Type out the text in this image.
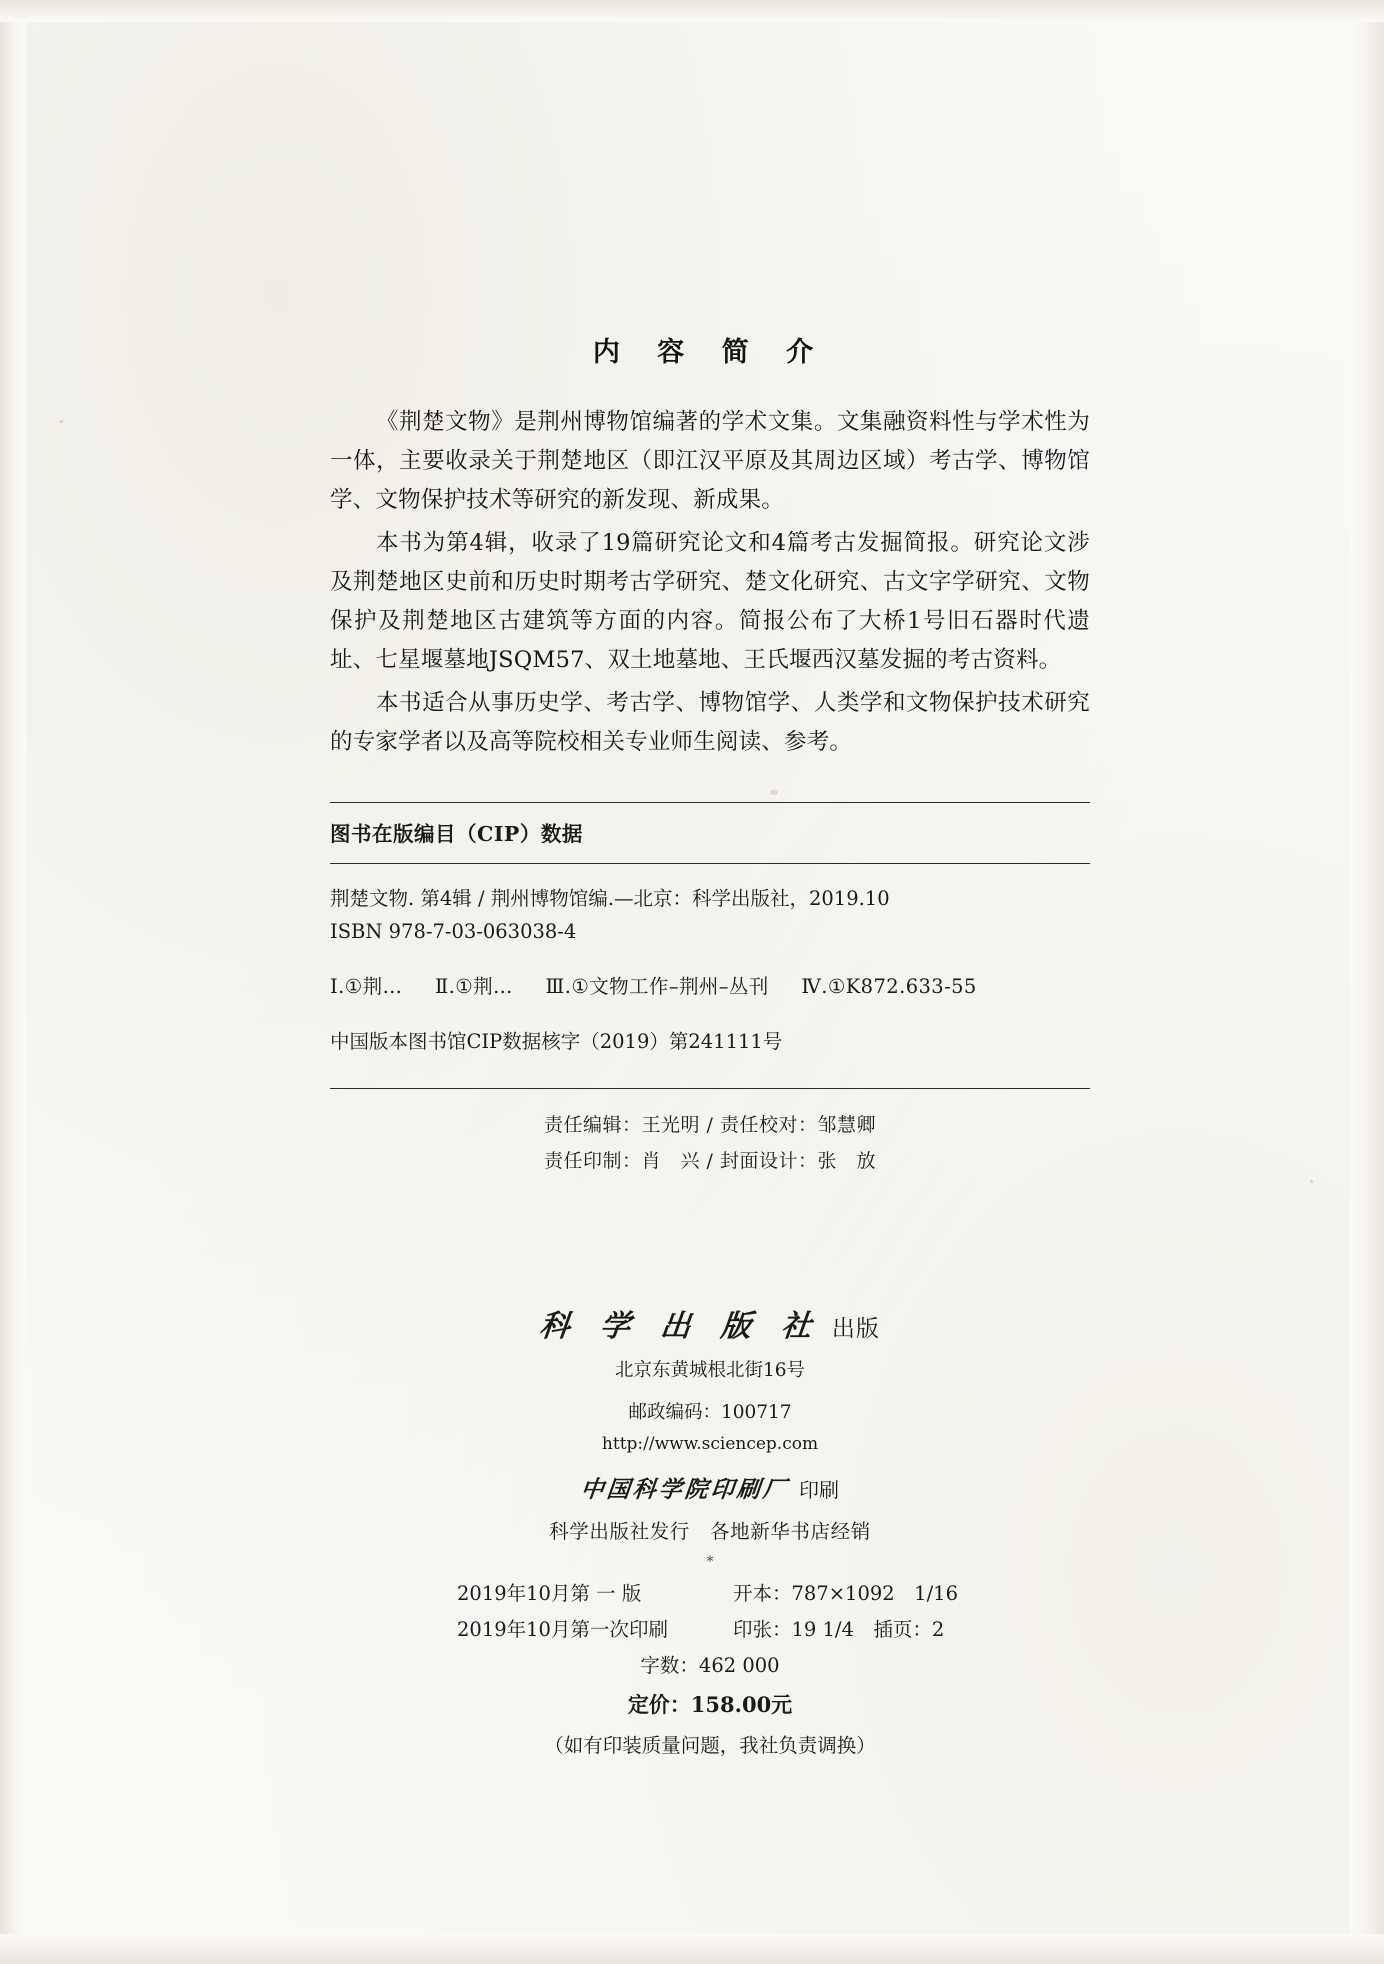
内 容 简 介

《荆楚文物》是荆州博物馆编著的学术文集。文集融资料性与学术性为一体，主要收录关于荆楚地区（即江汉平原及其周边区域）考古学、博物馆学、文物保护技术等研究的新发现、新成果。

本书为第4辑，收录了19篇研究论文和4篇考古发掘简报。研究论文涉及荆楚地区史前和历史时期考古学研究、楚文化研究、古文字学研究、文物保护及荆楚地区古建筑等方面的内容。简报公布了大桥1号旧石器时代遗址、七星堰墓地JSQM57、双土地墓地、王氏堰西汉墓发掘的考古资料。

本书适合从事历史学、考古学、博物馆学、人类学和文物保护技术研究的专家学者以及高等院校相关专业师生阅读、参考。

图书在版编目（CIP）数据

荆楚文物. 第4辑 / 荆州博物馆编.—北京：科学出版社，2019.10

ISBN 978-7-03-063038-4

Ⅰ.①荆… Ⅱ.①荆… Ⅲ.①文物工作–荆州–丛刊 Ⅳ.①K872.633-55

中国版本图书馆CIP数据核字（2019）第241111号

责任编辑：王光明 / 责任校对：邹慧卿
责任印制：肖　兴 / 封面设计：张　放
科 学 出 版 社 出版
北京东黄城根北街16号
邮政编码：100717
http://www.sciencep.com
中国科学院印刷厂 印刷
科学出版社发行　各地新华书店经销
*
2019年10月第 一 版	开本：787×1092　1/16
2019年10月第一次印刷	印张：19 1/4　插页：2
字数：462 000
定价：158.00元
（如有印装质量问题，我社负责调换）
